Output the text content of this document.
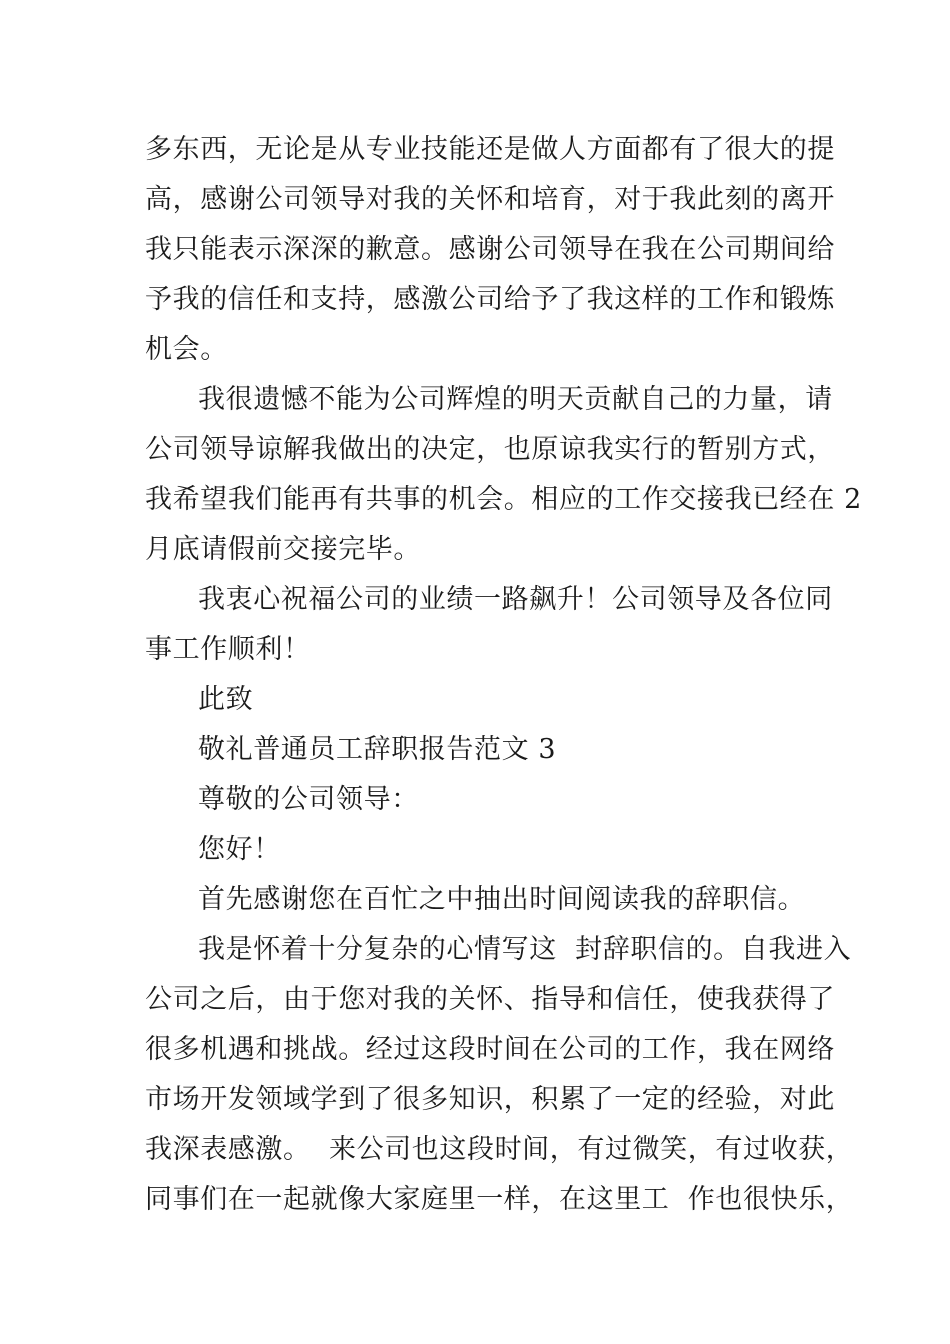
多东西，无论是从专业技能还是做人方面都有了很大的提
高，感谢公司领导对我的关怀和培育，对于我此刻的离开
我只能表示深深的歉意。感谢公司领导在我在公司期间给
予我的信任和支持，感激公司给予了我这样的工作和锻炼
机会。
我很遗憾不能为公司辉煌的明天贡献自己的力量，请
公司领导谅解我做出的决定，也原谅我实行的暂别方式，
我希望我们能再有共事的机会。相应的工作交接我已经在 2
月底请假前交接完毕。
我衷心祝福公司的业绩一路飙升！公司领导及各位同
事工作顺利！
此致
敬礼普通员工辞职报告范文 3
尊敬的公司领导：
您好！
首先感谢您在百忙之中抽出时间阅读我的辞职信。
我是怀着十分复杂的心情写这  封辞职信的。自我进入
公司之后，由于您对我的关怀、指导和信任，使我获得了
很多机遇和挑战。经过这段时间在公司的工作，我在网络
市场开发领域学到了很多知识，积累了一定的经验，对此
我深表感激。  来公司也这段时间，有过微笑，有过收获，
同事们在一起就像大家庭里一样，在这里工  作也很快乐，
